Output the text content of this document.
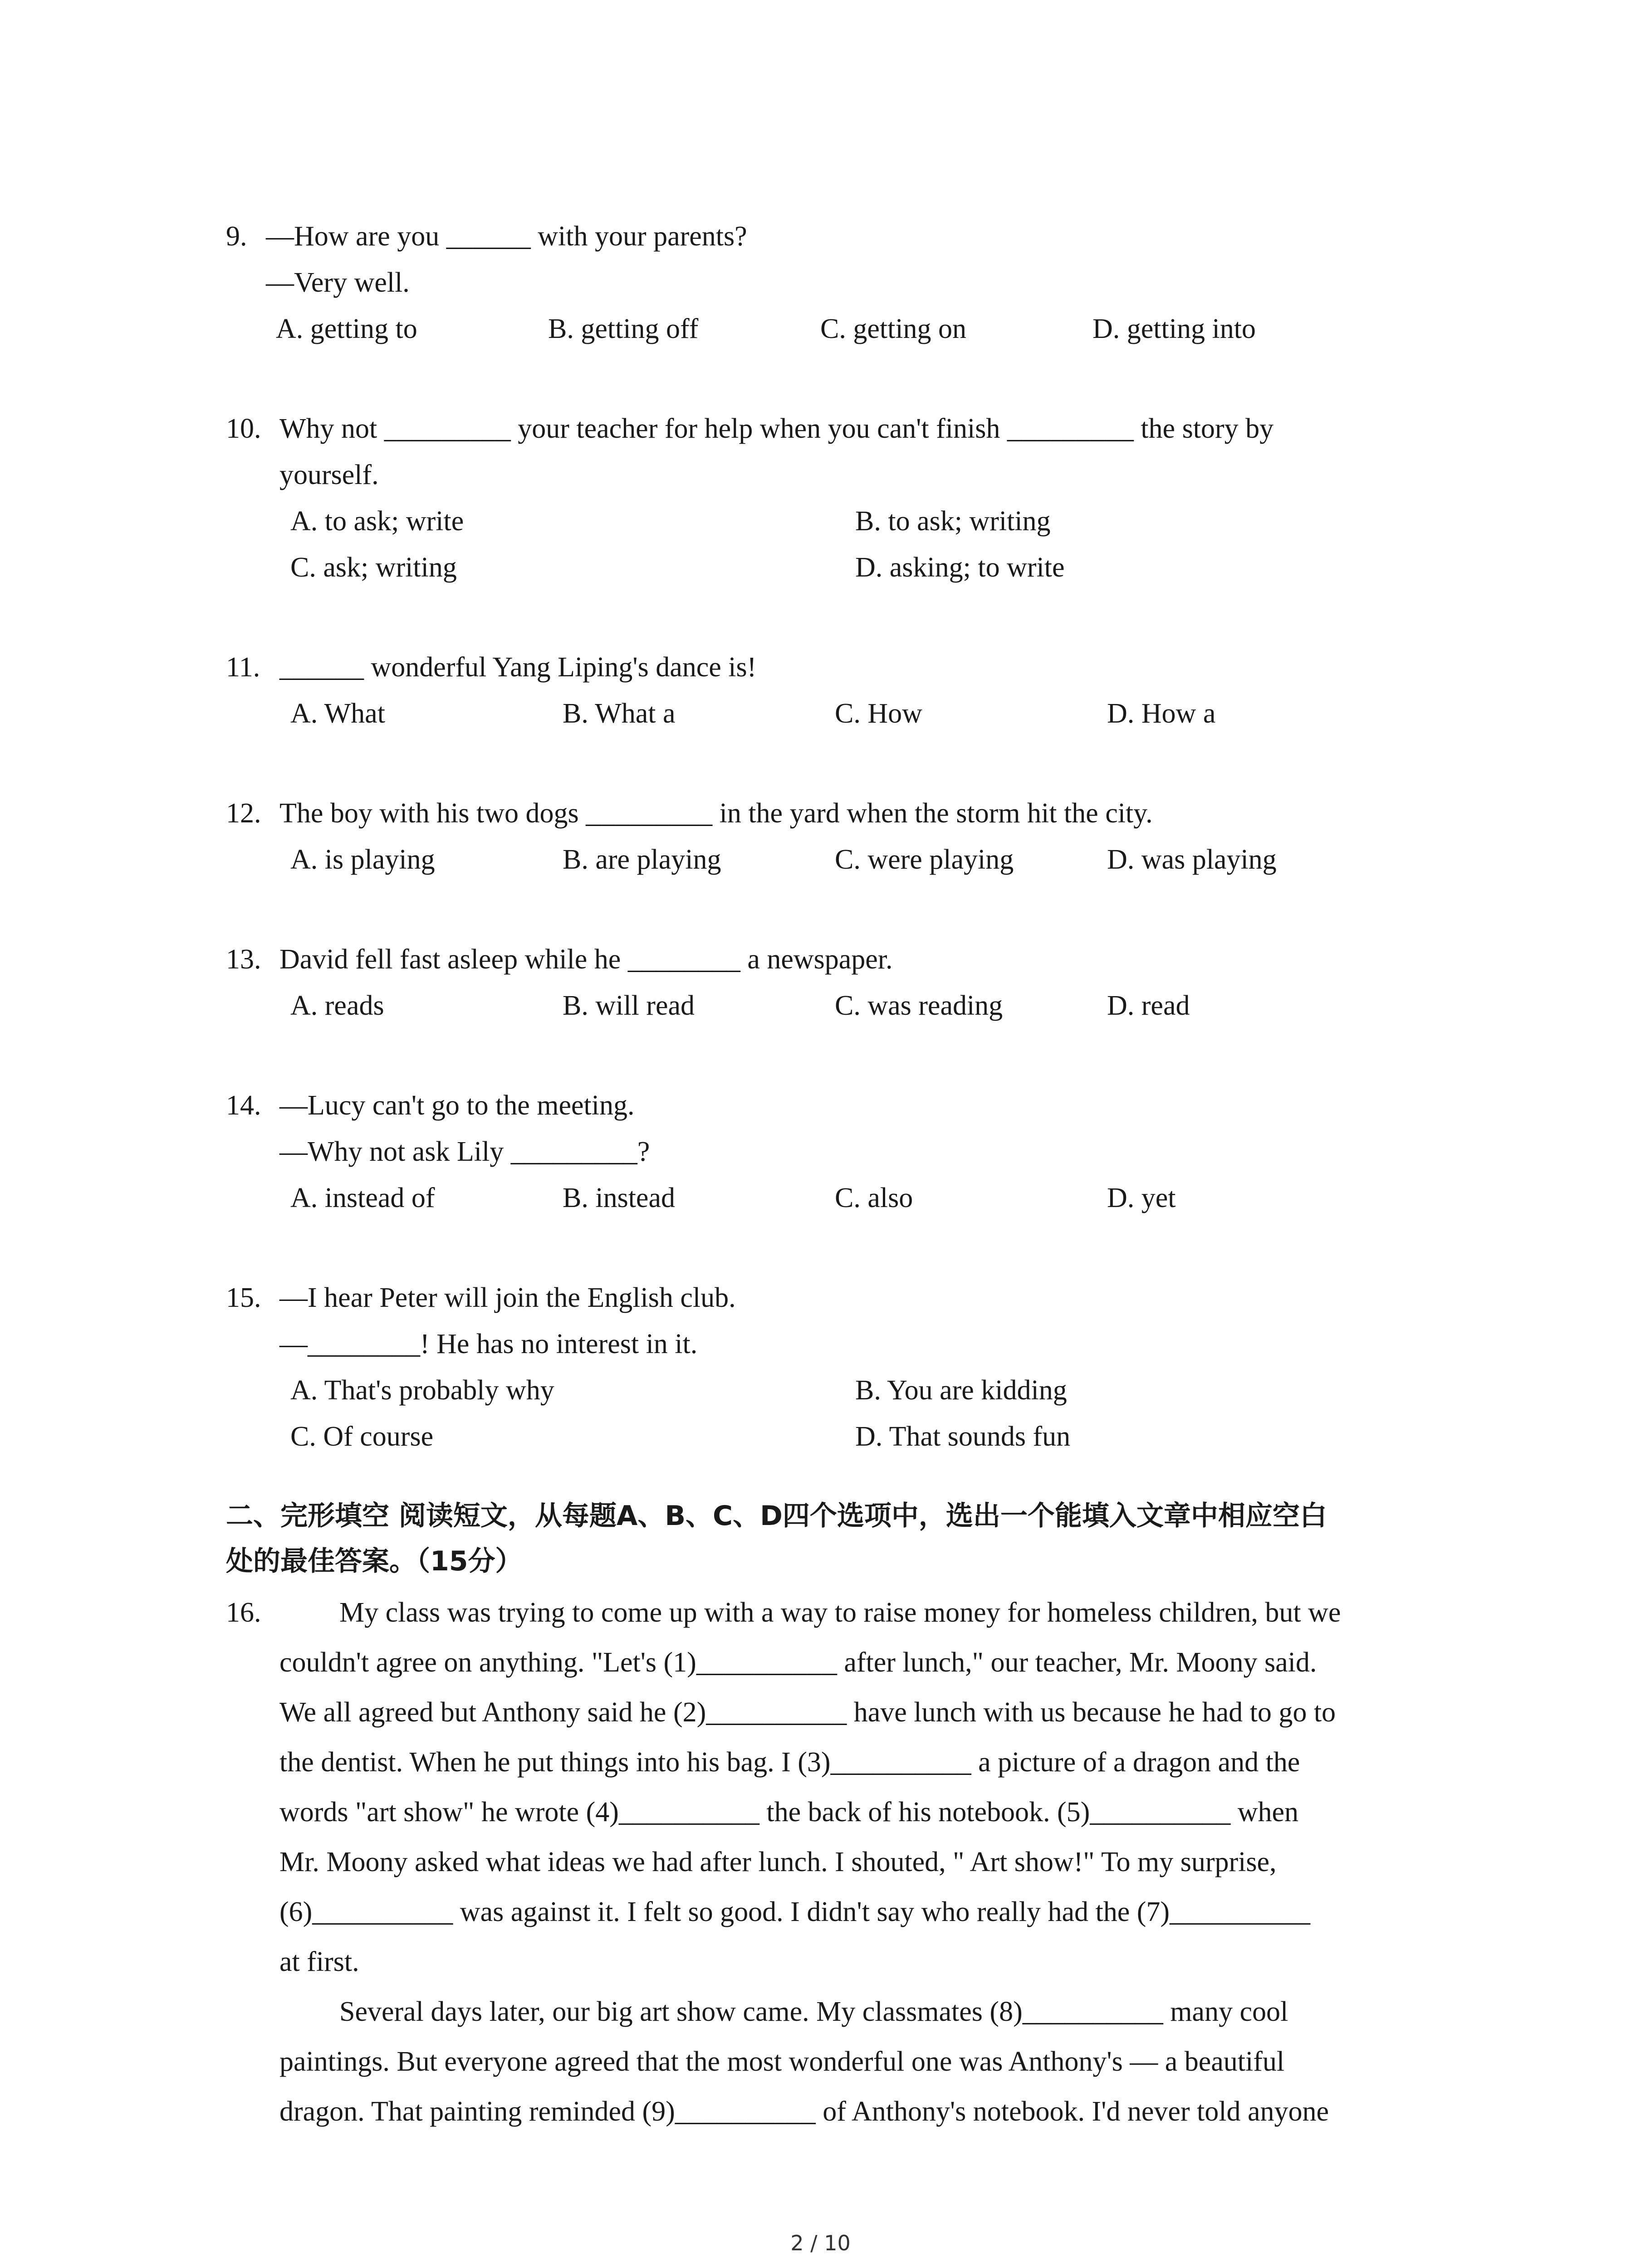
9. —How are you ______ with your parents?
—Very well.
A. getting to	B. getting off	C. getting on	D. getting into
10. Why not _________ your teacher for help when you can't finish _________ the story by
yourself.
A. to ask; write	B. to ask; writing
C. ask; writing	D. asking; to write
11. ______ wonderful Yang Liping's dance is!
A. What	B. What a	C. How	D. How a
12. The boy with his two dogs _________ in the yard when the storm hit the city.
A. is playing	B. are playing	C. were playing	D. was playing
13. David fell fast asleep while he ________ a newspaper.
A. reads	B. will read	C. was reading	D. read
14. —Lucy can't go to the meeting.
—Why not ask Lily _________?
A. instead of	B. instead	C. also	D. yet
15. —I hear Peter will join the English club.
—________! He has no interest in it.
A. That's probably why	B. You are kidding
C. Of course	D. That sounds fun
二、完形填空 阅读短文，从每题A、B、C、D四个选项中，选出一个能填入文章中相应空白
处的最佳答案。（15分）
16.	My class was trying to come up with a way to raise money for homeless children, but we
couldn't agree on anything. "Let's (1)__________ after lunch," our teacher, Mr. Moony said.
We all agreed but Anthony said he (2)__________ have lunch with us because he had to go to
the dentist. When he put things into his bag. I (3)__________ a picture of a dragon and the
words "art show" he wrote (4)__________ the back of his notebook. (5)__________ when
Mr. Moony asked what ideas we had after lunch. I shouted, " Art show!" To my surprise,
(6)__________ was against it. I felt so good. I didn't say who really had the (7)__________
at first.
Several days later, our big art show came. My classmates (8)__________ many cool
paintings. But everyone agreed that the most wonderful one was Anthony's — a beautiful
dragon. That painting reminded (9)__________ of Anthony's notebook. I'd never told anyone
2 / 10
